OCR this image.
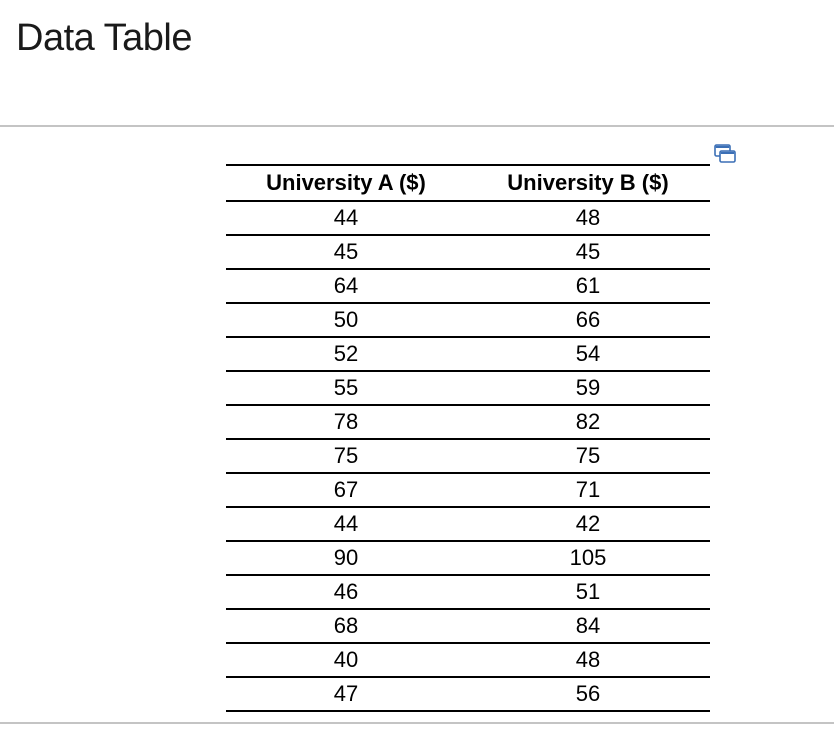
Data Table
University A ($)	University B ($)
44	48
45	45
64	61
50	66
52	54
55	59
78	82
75	75
67	71
44	42
90	105
46	51
68	84
40	48
47	56
